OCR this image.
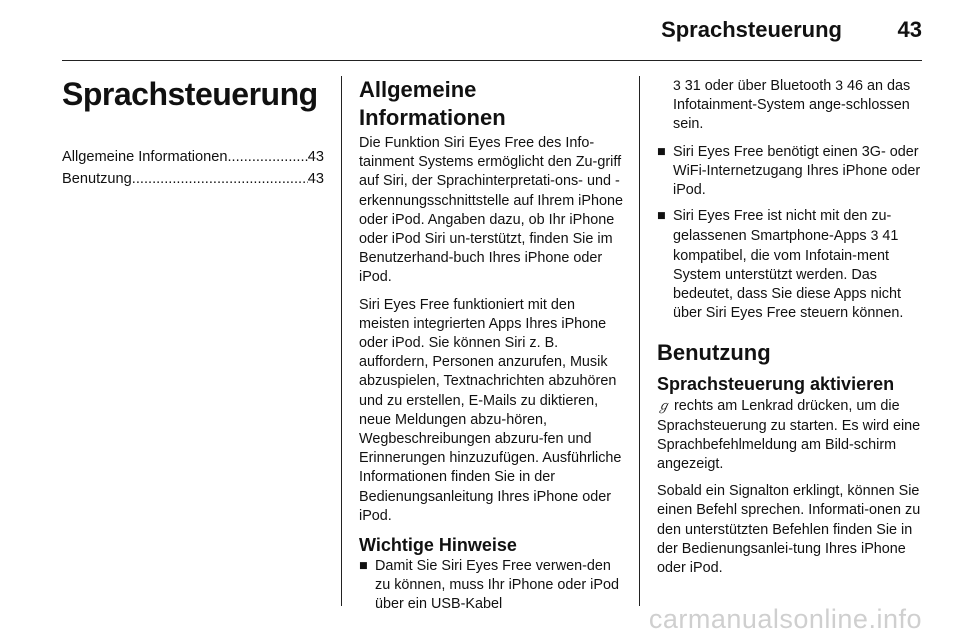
Sprachsteuerung	43
Sprachsteuerung
Allgemeine Informationen .....	43
Benutzung .....	43
Allgemeine Informationen

Die Funktion Siri Eyes Free des Info-tainment Systems ermöglicht den Zu-griff auf Siri, der Sprachinterpretati-ons- und -erkennungsschnittstelle auf Ihrem iPhone oder iPod. Angaben dazu, ob Ihr iPhone oder iPod Siri un-terstützt, finden Sie im Benutzerhand-buch Ihres iPhone oder iPod.

Siri Eyes Free funktioniert mit den meisten integrierten Apps Ihres iPhone oder iPod. Sie können Siri z. B. auffordern, Personen anzurufen, Musik abzuspielen, Textnachrichten abzuhören und zu erstellen, E-Mails zu diktieren, neue Meldungen abzu-hören, Wegbeschreibungen abzuru-fen und Erinnerungen hinzuzufügen. Ausführliche Informationen finden Sie in der Bedienungsanleitung Ihres iPhone oder iPod.

Wichtige Hinweise
■ Damit Sie Siri Eyes Free verwen-den zu können, muss Ihr iPhone oder iPod über ein USB-Kabel

3 31 oder über Bluetooth 3 46 an das Infotainment-System ange-schlossen sein.

■ Siri Eyes Free benötigt einen 3G- oder WiFi-Internetzugang Ihres iPhone oder iPod.
■ Siri Eyes Free ist nicht mit den zu-gelassenen Smartphone-Apps 3 41 kompatibel, die vom Infotain-ment System unterstützt werden. Das bedeutet, dass Sie diese Apps nicht über Siri Eyes Free steuern können.
Benutzung
Sprachsteuerung aktivieren

ℊ rechts am Lenkrad drücken, um die Sprachsteuerung zu starten. Es wird eine Sprachbefehlmeldung am Bild-schirm angezeigt.

Sobald ein Signalton erklingt, können Sie einen Befehl sprechen. Informati-onen zu den unterstützten Befehlen finden Sie in der Bedienungsanlei-tung Ihres iPhone oder iPod.

carmanualsonline.info
